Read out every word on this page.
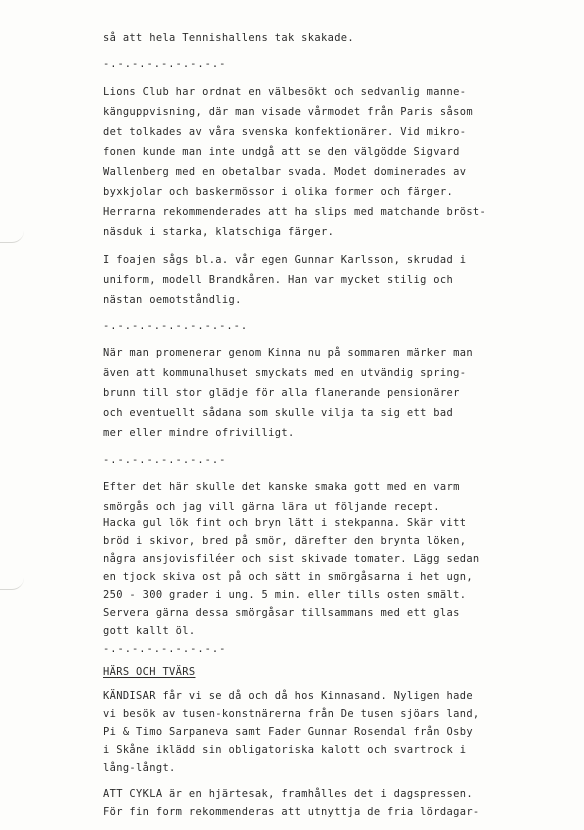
så att hela Tennishallens tak skakade.
-.-.-.-.-.-.-.-.-
Lions Club har ordnat en välbesökt och sedvanlig manne-
känguppvisning, där man visade vårmodet från Paris såsom
det tolkades av våra svenska konfektionärer. Vid mikro-
fonen kunde man inte undgå att se den välgödde Sigvard
Wallenberg med en obetalbar svada. Modet dominerades av
byxkjolar och baskermössor i olika former och färger.
Herrarna rekommenderades att ha slips med matchande bröst-
näsduk i starka, klatschiga färger.
I foajen sågs bl.a. vår egen Gunnar Karlsson, skrudad i
uniform, modell Brandkåren. Han var mycket stilig och
nästan oemotståndlig.
-.-.-.-.-.-.-.-.-.-.
När man promenerar genom Kinna nu på sommaren märker man
även att kommunalhuset smyckats med en utvändig spring-
brunn till stor glädje för alla flanerande pensionärer
och eventuellt sådana som skulle vilja ta sig ett bad
mer eller mindre ofrivilligt.
-.-.-.-.-.-.-.-.-
Efter det här skulle det kanske smaka gott med en varm
smörgås och jag vill gärna lära ut följande recept.
Hacka gul lök fint och bryn lätt i stekpanna. Skär vitt
bröd i skivor, bred på smör, därefter den brynta löken,
några ansjovisfiléer och sist skivade tomater. Lägg sedan
en tjock skiva ost på och sätt in smörgåsarna i het ugn,
250 - 300 grader i ung. 5 min. eller tills osten smält.
Servera gärna dessa smörgåsar tillsammans med ett glas
gott kallt öl.
-.-.-.-.-.-.-.-.-
HÄRS OCH TVÄRS
KÄNDISAR får vi se då och då hos Kinnasand. Nyligen hade
vi besök av tusen-konstnärerna från De tusen sjöars land,
Pi & Timo Sarpaneva samt Fader Gunnar Rosendal från Osby
i Skåne iklädd sin obligatoriska kalott och svartrock i
lång-långt.
ATT CYKLA är en hjärtesak, framhålles det i dagspressen.
För fin form rekommenderas att utnyttja de fria lördagar-
